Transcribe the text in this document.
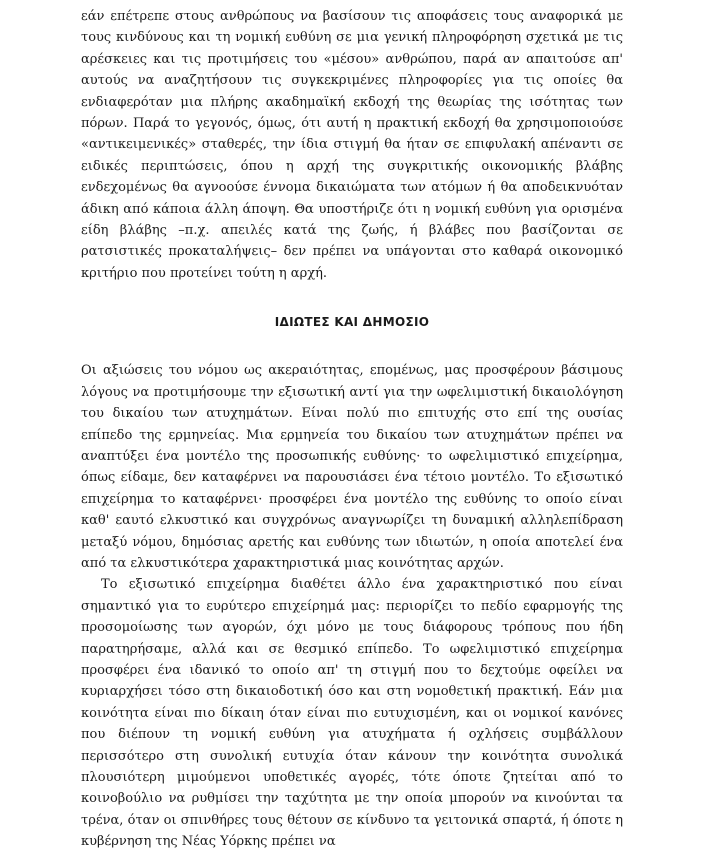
εάν επέτρεπε στους ανθρώπους να βασίσουν τις αποφάσεις τους αναφορικά με τους κινδύνους και τη νομική ευθύνη σε μια γενική πληροφόρηση σχετικά με τις αρέσκειες και τις προτιμήσεις του «μέσου» ανθρώπου, παρά αν απαιτούσε απ' αυτούς να αναζητήσουν τις συγκεκριμένες πληροφορίες για τις οποίες θα ενδιαφερόταν μια πλήρης ακαδημαϊκή εκδοχή της θεωρίας της ισότητας των πόρων. Παρά το γεγονός, όμως, ότι αυτή η πρακτική εκδοχή θα χρησιμοποιούσε «αντικειμενικές» σταθερές, την ίδια στιγμή θα ήταν σε επιφυλακή απέναντι σε ειδικές περιπτώσεις, όπου η αρχή της συγκριτικής οικονομικής βλάβης ενδεχομένως θα αγνοούσε έννομα δικαιώματα των ατόμων ή θα αποδεικνυόταν άδικη από κάποια άλλη άποψη. Θα υποστήριζε ότι η νομική ευθύνη για ορισμένα είδη βλάβης –π.χ. απειλές κατά της ζωής, ή βλάβες που βασίζονται σε ρατσιστικές προκαταλήψεις– δεν πρέπει να υπάγονται στο καθαρά οικονομικό κριτήριο που προτείνει τούτη η αρχή.

ΙΔΙΩΤΕΣ ΚΑΙ ΔΗΜΟΣΙΟ

Οι αξιώσεις του νόμου ως ακεραιότητας, επομένως, μας προσφέρουν βάσιμους λόγους να προτιμήσουμε την εξισωτική αντί για την ωφελιμιστική δικαιολόγηση του δικαίου των ατυχημάτων. Είναι πολύ πιο επιτυχής στο επί της ουσίας επίπεδο της ερμηνείας. Μια ερμηνεία του δικαίου των ατυχημάτων πρέπει να αναπτύξει ένα μοντέλο της προσωπικής ευθύνης· το ωφελιμιστικό επιχείρημα, όπως είδαμε, δεν καταφέρνει να παρουσιάσει ένα τέτοιο μοντέλο. Το εξισωτικό επιχείρημα το καταφέρνει· προσφέρει ένα μοντέλο της ευθύνης το οποίο είναι καθ' εαυτό ελκυστικό και συγχρόνως αναγνωρίζει τη δυναμική αλληλεπίδραση μεταξύ νόμου, δημόσιας αρετής και ευθύνης των ιδιωτών, η οποία αποτελεί ένα από τα ελκυστικότερα χαρακτηριστικά μιας κοινότητας αρχών.

Το εξισωτικό επιχείρημα διαθέτει άλλο ένα χαρακτηριστικό που είναι σημαντικό για το ευρύτερο επιχείρημά μας: περιορίζει το πεδίο εφαρμογής της προσομοίωσης των αγορών, όχι μόνο με τους διάφορους τρόπους που ήδη παρατηρήσαμε, αλλά και σε θεσμικό επίπεδο. Το ωφελιμιστικό επιχείρημα προσφέρει ένα ιδανικό το οποίο απ' τη στιγμή που το δεχτούμε οφείλει να κυριαρχήσει τόσο στη δικαιοδοτική όσο και στη νομοθετική πρακτική. Εάν μια κοινότητα είναι πιο δίκαιη όταν είναι πιο ευτυχισμένη, και οι νομικοί κανόνες που διέπουν τη νομική ευθύνη για ατυχήματα ή οχλήσεις συμβάλλουν περισσότερο στη συνολική ευτυχία όταν κάνουν την κοινότητα συνολικά πλουσιότερη μιμούμενοι υποθετικές αγορές, τότε όποτε ζητείται από το κοινοβούλιο να ρυθμίσει την ταχύτητα με την οποία μπορούν να κινούνται τα τρένα, όταν οι σπινθήρες τους θέτουν σε κίνδυνο τα γειτονικά σπαρτά, ή όποτε η κυβέρνηση της Νέας Υόρκης πρέπει να
